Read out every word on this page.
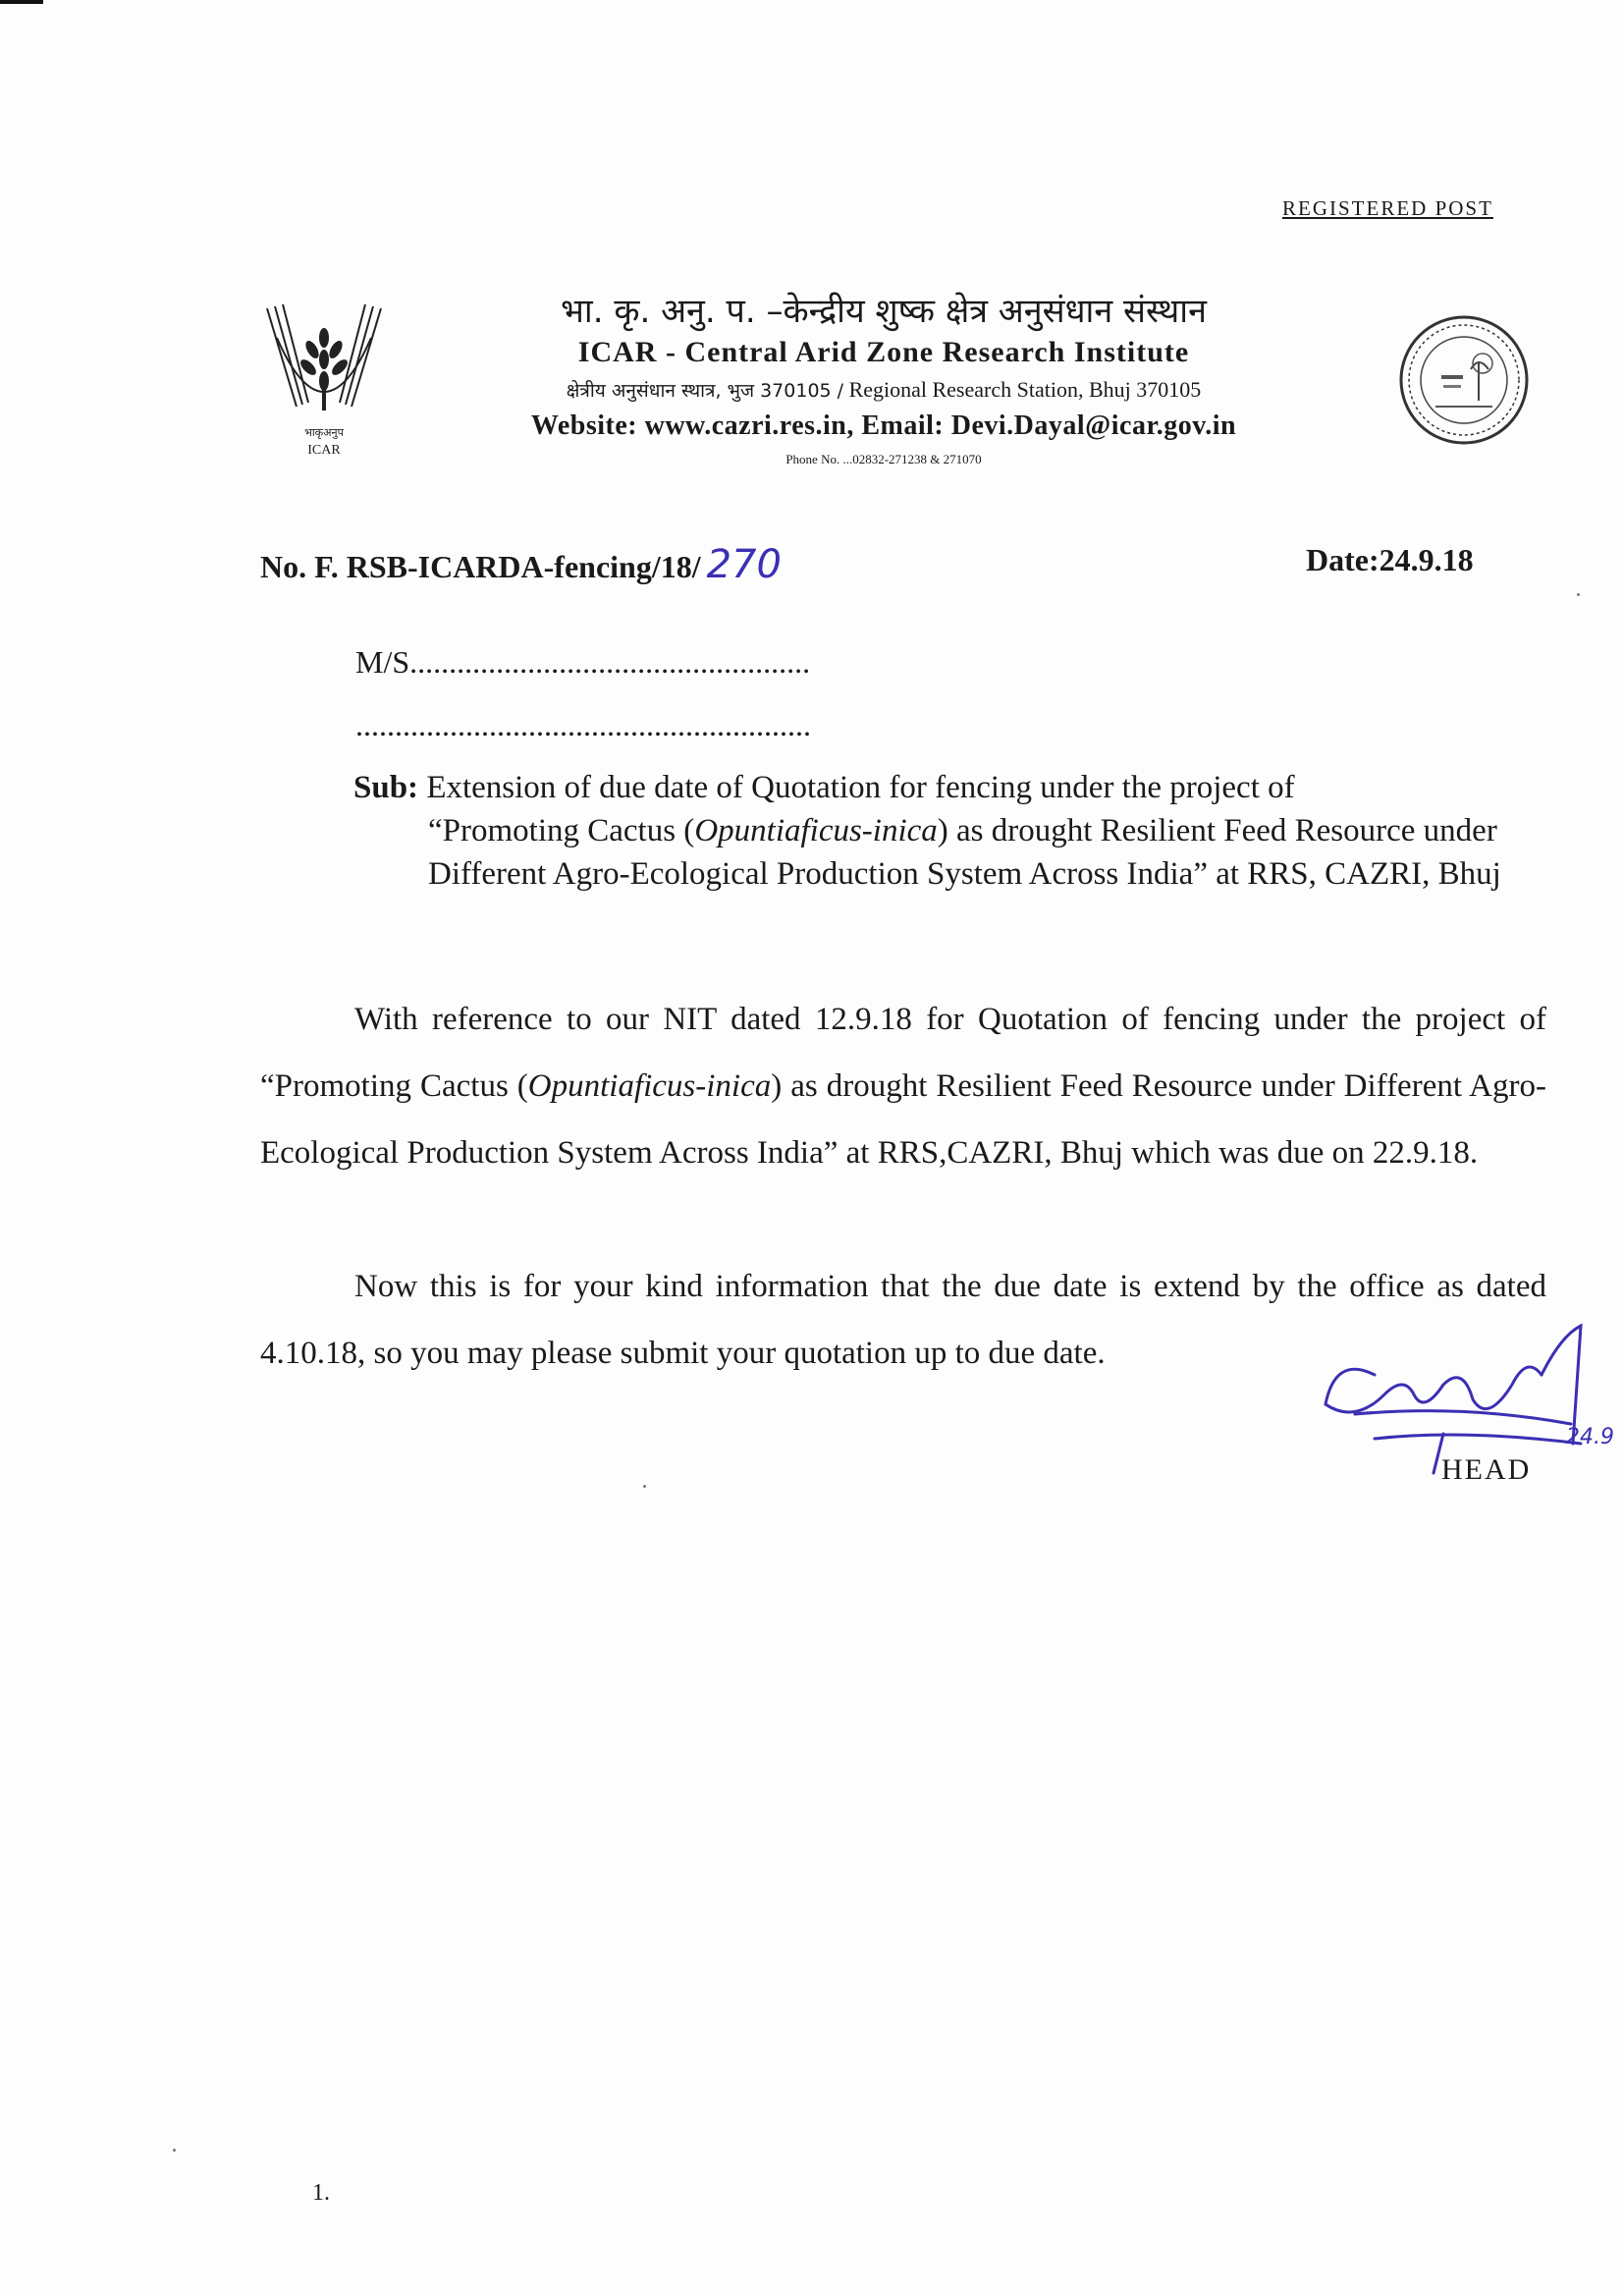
REGISTERED POST
भाकृअनुप
ICAR
भा. कृ. अनु. प. –केन्द्रीय शुष्क क्षेत्र अनुसंधान संस्थान
ICAR - Central Arid Zone Research Institute
क्षेत्रीय अनुसंधान स्थात्र, भुज 370105 / Regional Research Station, Bhuj 370105
Website: www.cazri.res.in, Email: Devi.Dayal@icar.gov.in
Phone No. ...02832-271238 & 271070
No. F. RSB-ICARDA-fencing/18/ 270	Date:24.9.18
M/S...................................................
..........................................................
Sub: Extension of due date of Quotation for fencing under the project of
“Promoting Cactus (Opuntiaficus-inica) as drought Resilient Feed Resource under Different Agro-Ecological Production System Across India” at RRS, CAZRI, Bhuj
With reference to our NIT dated 12.9.18 for Quotation of fencing under the project of “Promoting Cactus (Opuntiaficus-inica) as drought Resilient Feed Resource under Different Agro-Ecological Production System Across India” at RRS,CAZRI, Bhuj which was due on 22.9.18.
Now this is for your kind information that the due date is extend by the office as dated 4.10.18, so you may please submit your quotation up to due date.
24.9
HEAD
1.
